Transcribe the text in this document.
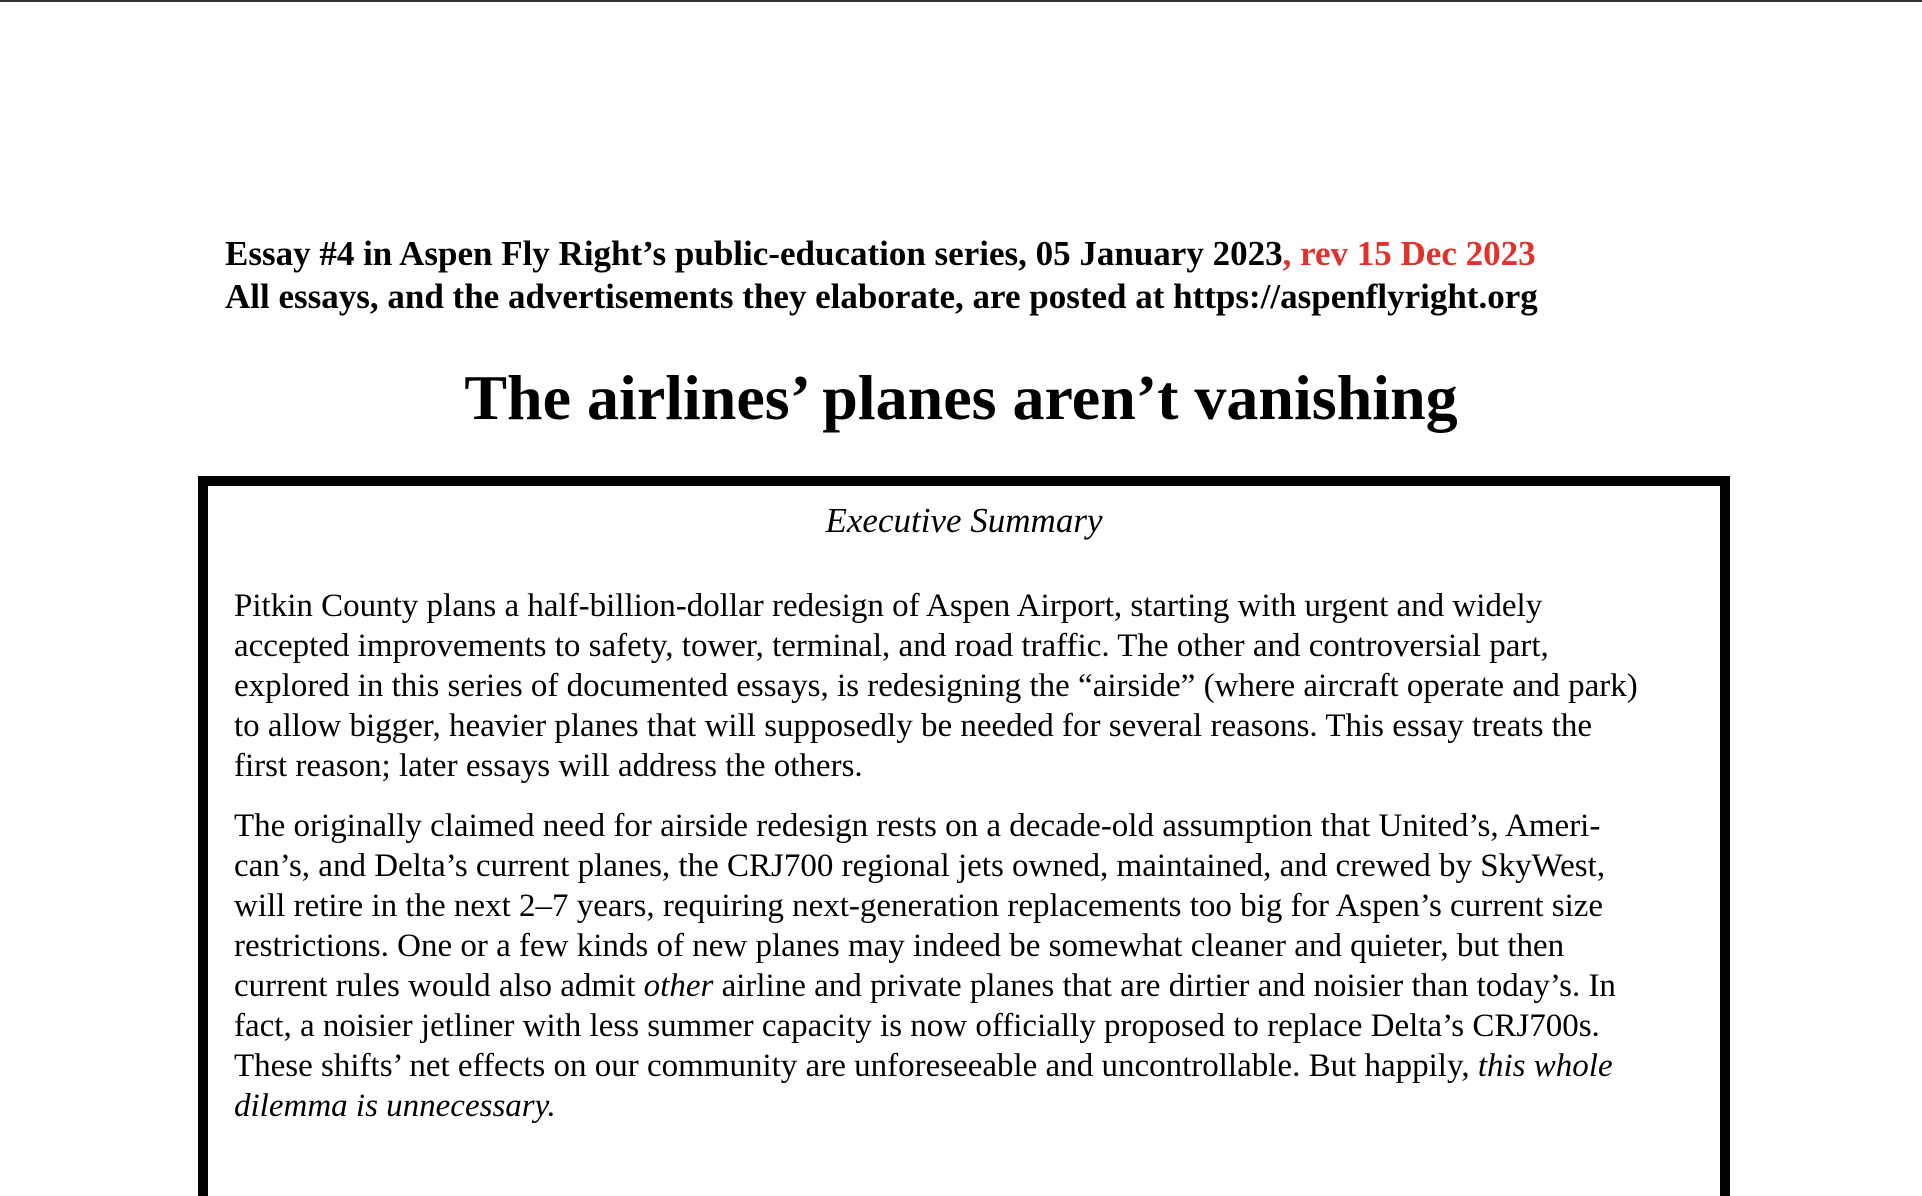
Essay #4 in Aspen Fly Right’s public-education series, 05 January 2023, rev 15 Dec 2023
All essays, and the advertisements they elaborate, are posted at https://aspenflyright.org
The airlines’ planes aren’t vanishing
Executive Summary

Pitkin County plans a half-billion-dollar redesign of Aspen Airport, starting with urgent and widely
accepted improvements to safety, tower, terminal, and road traffic. The other and controversial part,
explored in this series of documented essays, is redesigning the “airside” (where aircraft operate and park)
to allow bigger, heavier planes that will supposedly be needed for several reasons. This essay treats the
first reason; later essays will address the others.

The originally claimed need for airside redesign rests on a decade-old assumption that United’s, Ameri-
can’s, and Delta’s current planes, the CRJ700 regional jets owned, maintained, and crewed by SkyWest,
will retire in the next 2–7 years, requiring next-generation replacements too big for Aspen’s current size
restrictions. One or a few kinds of new planes may indeed be somewhat cleaner and quieter, but then
current rules would also admit other airline and private planes that are dirtier and noisier than today’s. In
fact, a noisier jetliner with less summer capacity is now officially proposed to replace Delta’s CRJ700s.
These shifts’ net effects on our community are unforeseeable and uncontrollable. But happily, this whole
dilemma is unnecessary.
